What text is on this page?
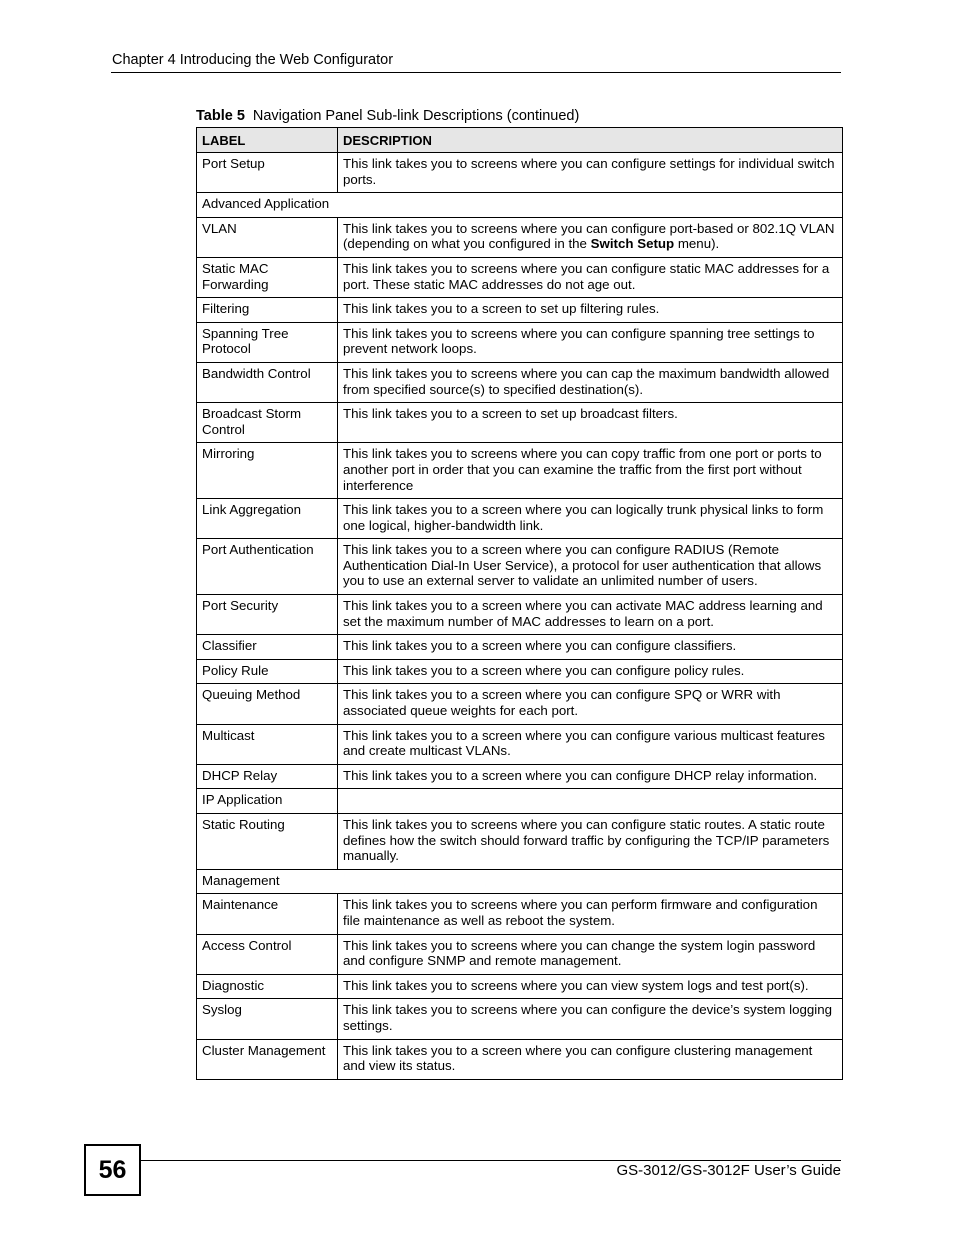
Chapter 4 Introducing the Web Configurator
Table 5 Navigation Panel Sub-link Descriptions (continued)
LABEL	DESCRIPTION
Port Setup	This link takes you to screens where you can configure settings for individual switch ports.
Advanced Application	
VLAN	This link takes you to screens where you can configure port-based or 802.1Q VLAN (depending on what you configured in the Switch Setup menu).
Static MAC Forwarding	This link takes you to screens where you can configure static MAC addresses for a port. These static MAC addresses do not age out.
Filtering	This link takes you to a screen to set up filtering rules.
Spanning Tree Protocol	This link takes you to screens where you can configure spanning tree settings to prevent network loops.
Bandwidth Control	This link takes you to screens where you can cap the maximum bandwidth allowed from specified source(s) to specified destination(s).
Broadcast Storm Control	This link takes you to a screen to set up broadcast filters.
Mirroring	This link takes you to screens where you can copy traffic from one port or ports to another port in order that you can examine the traffic from the first port without interference
Link Aggregation	This link takes you to a screen where you can logically trunk physical links to form one logical, higher-bandwidth link.
Port Authentication	This link takes you to a screen where you can configure RADIUS (Remote Authentication Dial-In User Service), a protocol for user authentication that allows you to use an external server to validate an unlimited number of users.
Port Security	This link takes you to a screen where you can activate MAC address learning and set the maximum number of MAC addresses to learn on a port.
Classifier	This link takes you to a screen where you can configure classifiers.
Policy Rule	This link takes you to a screen where you can configure policy rules.
Queuing Method	This link takes you to a screen where you can configure SPQ or WRR with associated queue weights for each port.
Multicast	This link takes you to a screen where you can configure various multicast features and create multicast VLANs.
DHCP Relay	This link takes you to a screen where you can configure DHCP relay information.
IP Application	
Static Routing	This link takes you to screens where you can configure static routes. A static route defines how the switch should forward traffic by configuring the TCP/IP parameters manually.
Management	
Maintenance	This link takes you to screens where you can perform firmware and configuration file maintenance as well as reboot the system.
Access Control	This link takes you to screens where you can change the system login password and configure SNMP and remote management.
Diagnostic	This link takes you to screens where you can view system logs and test port(s).
Syslog	This link takes you to screens where you can configure the device’s system logging settings.
Cluster Management	This link takes you to a screen where you can configure clustering management and view its status.
56	GS-3012/GS-3012F User’s Guide
